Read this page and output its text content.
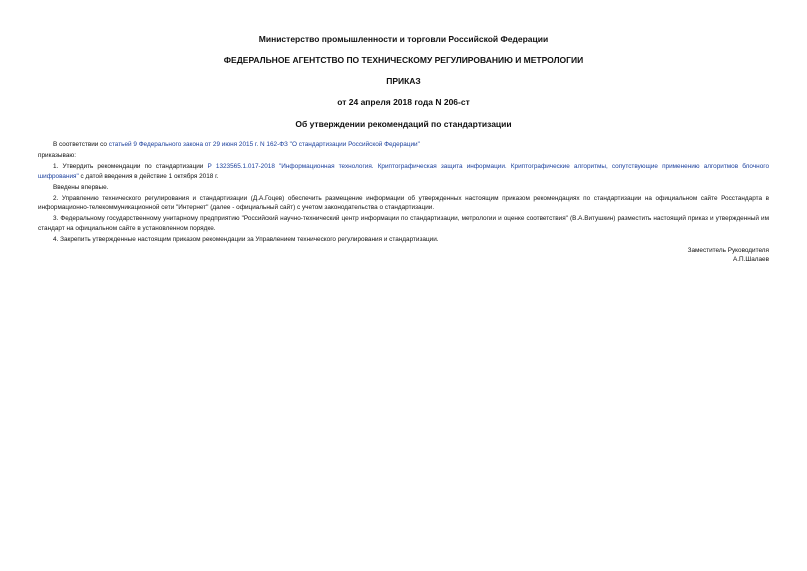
Министерство промышленности и торговли Российской Федерации

ФЕДЕРАЛЬНОЕ АГЕНТСТВО ПО ТЕХНИЧЕСКОМУ РЕГУЛИРОВАНИЮ И МЕТРОЛОГИИ

ПРИКАЗ

от 24 апреля 2018 года N 206-ст

Об утверждении рекомендаций по стандартизации

В соответствии со статьей 9 Федерального закона от 29 июня 2015 г. N 162-ФЗ "О стандартизации Российской Федерации"

приказываю:

1. Утвердить рекомендации по стандартизации Р 1323565.1.017-2018 "Информационная технология. Криптографическая защита информации. Криптографические алгоритмы, сопутствующие применению алгоритмов блочного шифрования" с датой введения в действие 1 октября 2018 г.

Введены впервые.

2. Управлению технического регулирования и стандартизации (Д.А.Гоцев) обеспечить размещение информации об утвержденных настоящим приказом рекомендациях по стандартизации на официальном сайте Росстандарта в информационно-телекоммуникационной сети "Интернет" (далее - официальный сайт) с учетом законодательства о стандартизации.

3. Федеральному государственному унитарному предприятию "Российский научно-технический центр информации по стандартизации, метрологии и оценке соответствия" (В.А.Витушкин) разместить настоящий приказ и утвержденный им стандарт на официальном сайте в установленном порядке.

4. Закрепить утвержденные настоящим приказом рекомендации за Управлением технического регулирования и стандартизации.

Заместитель Руководителя

А.П.Шалаев
